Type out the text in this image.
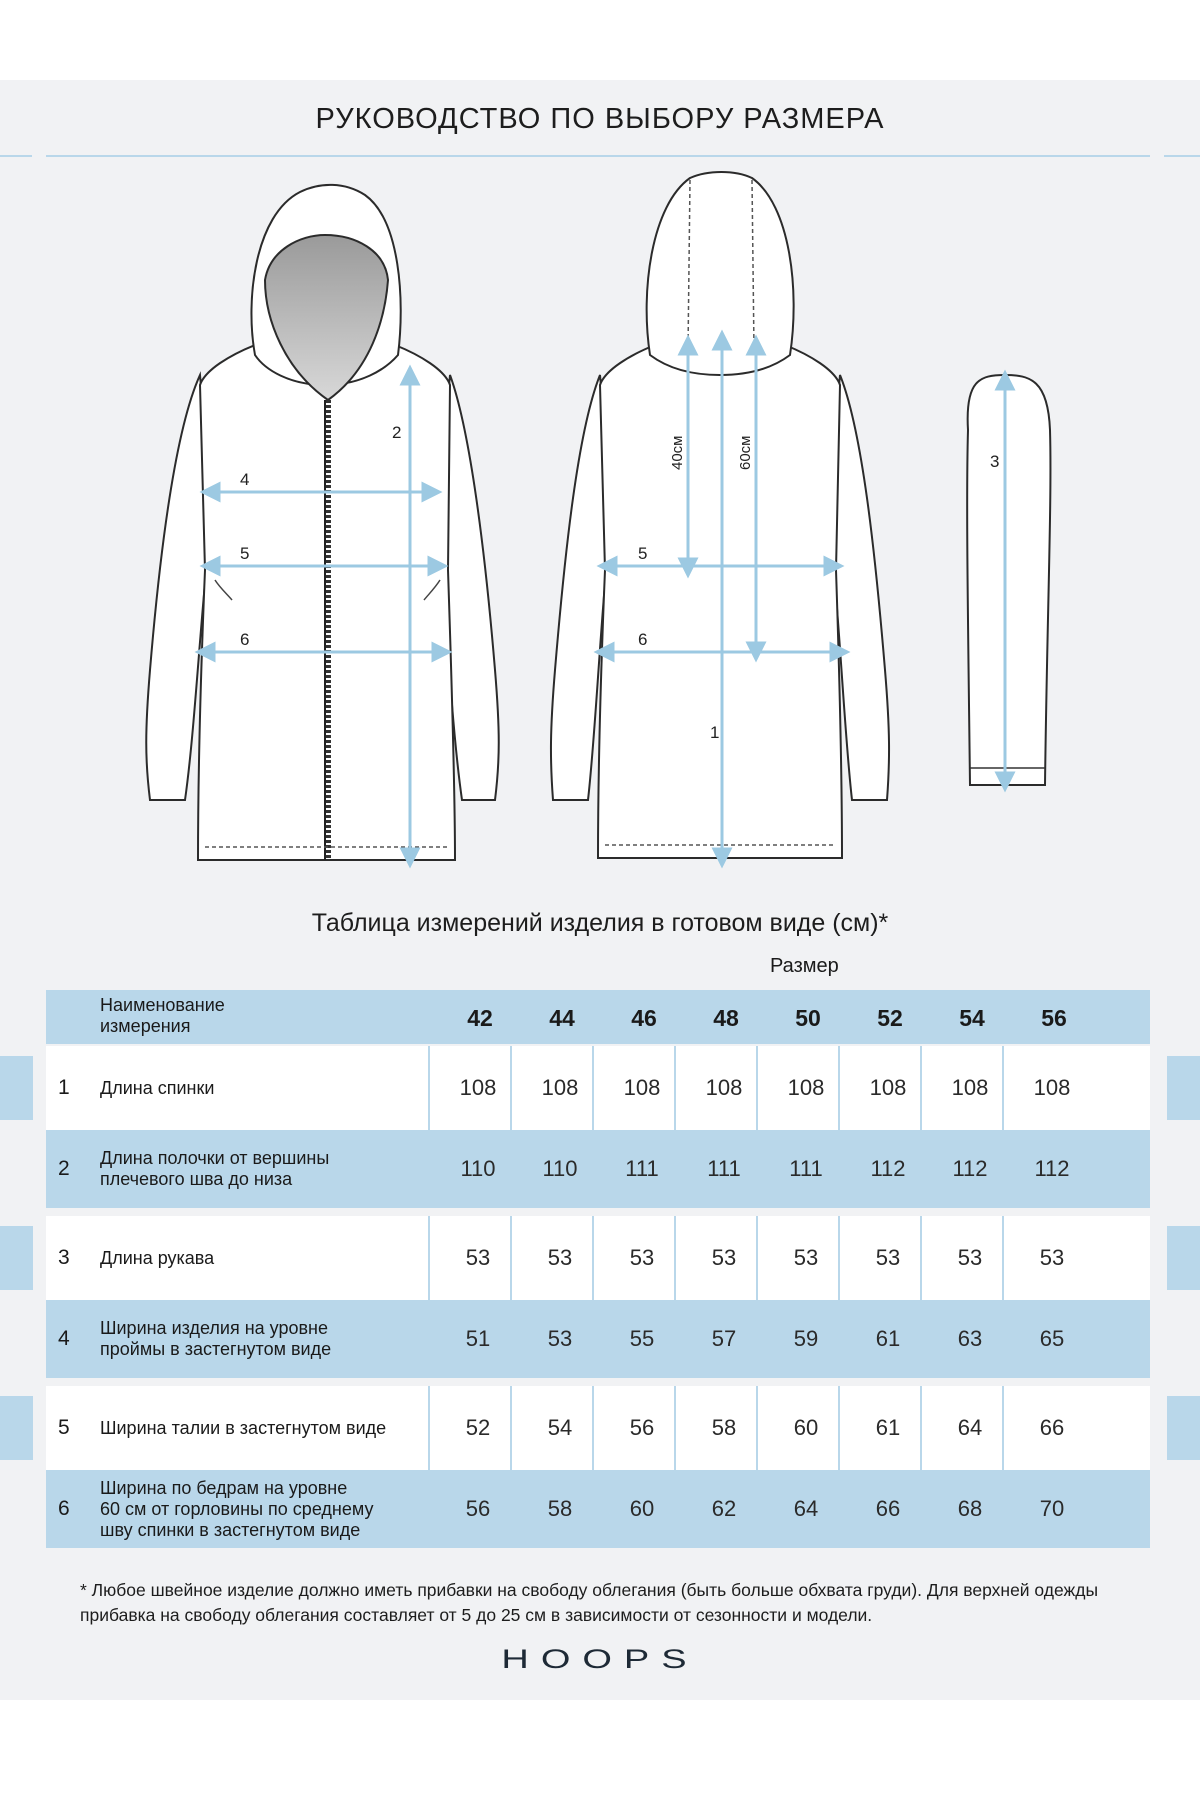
РУКОВОДСТВО ПО ВЫБОРУ РАЗМЕРА
2
4
5
6
40см	60см
5
6
1
3
Таблица измерений изделия в готовом виде (см)*
Размер
Наименование
измерения	42	44	46	48	50	52	54	56
1 Длина спинки	108	108	108	108	108	108	108	108
2 Длина полочки от вершины
плечевого шва до низа	110	110	111	111	111	112	112	112
3 Длина рукава	53	53	53	53	53	53	53	53
4 Ширина изделия на уровне
проймы в застегнутом виде	51	53	55	57	59	61	63	65
5 Ширина талии в застегнутом виде	52	54	56	58	60	61	64	66
6
Ширина по бедрам на уровне
60 см от горловины по среднему
шву спинки в застегнутом виде
56	58	60	62	64	66	68	70
* Любое швейное изделие должно иметь прибавки на свободу облегания (быть больше обхвата груди). Для верхней одежды прибавка на свободу облегания составляет от 5 до 25 см в зависимости от сезонности и модели.
HOOPS
